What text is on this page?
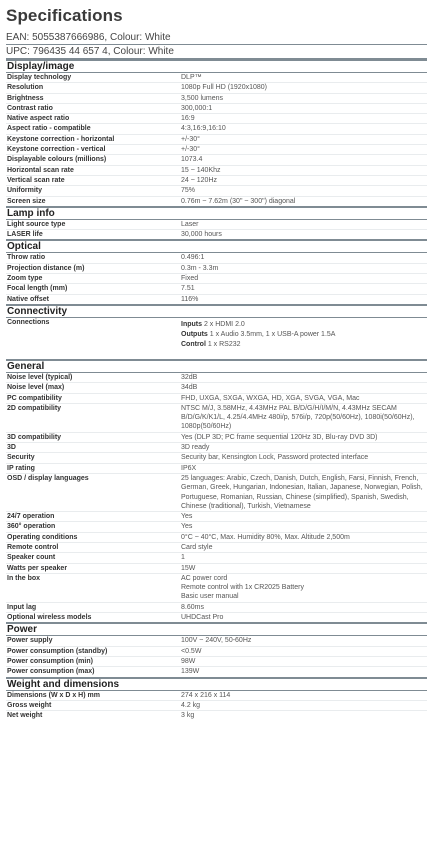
Specifications
EAN: 5055387666986, Colour: White
UPC: 796435 44 657 4, Colour: White
Display/image
Display technology	DLP™
Resolution	1080p Full HD (1920x1080)
Brightness	3,500 lumens
Contrast ratio	300,000:1
Native aspect ratio	16:9
Aspect ratio - compatible	4:3,16:9,16:10
Keystone correction - horizontal	+/-30°
Keystone correction - vertical	+/-30°
Displayable colours (millions)	1073.4
Horizontal scan rate	15 ~ 140Khz
Vertical scan rate	24 ~ 120Hz
Uniformity	75%
Screen size	0.76m ~ 7.62m (30" ~ 300") diagonal
Lamp info
Light source type	Laser
LASER life	30,000 hours
Optical
Throw ratio	0.496:1
Projection distance (m)	0.3m - 3.3m
Zoom type	Fixed
Focal length (mm)	7.51
Native offset	116%
Connectivity
Connections	Inputs 2 x HDMI 2.0
Outputs 1 x Audio 3.5mm, 1 x USB-A power 1.5A
Control 1 x RS232
General
Noise level (typical)	32dB
Noise level (max)	34dB
PC compatibility	FHD, UXGA, SXGA, WXGA, HD, XGA, SVGA, VGA, Mac
2D compatibility	NTSC M/J, 3.58MHz, 4.43MHz PAL B/D/G/H/I/M/N, 4.43MHz SECAM B/D/G/K/K1/L, 4.25/4.4MHz 480i/p, 576i/p, 720p(50/60Hz), 1080i(50/60Hz), 1080p(50/60Hz)
3D compatibility	Yes (DLP 3D; PC frame sequential 120Hz 3D, Blu-ray DVD 3D)
3D	3D ready
Security	Security bar, Kensington Lock, Password protected interface
IP rating	IP6X
OSD / display languages	25 languages: Arabic, Czech, Danish, Dutch, English, Farsi, Finnish, French, German, Greek, Hungarian, Indonesian, Italian, Japanese, Norwegian, Polish, Portuguese, Romanian, Russian, Chinese (simplified), Spanish, Swedish, Chinese (traditional), Turkish, Vietnamese
24/7 operation	Yes
360° operation	Yes
Operating conditions	0°C ~ 40°C, Max. Humidity 80%, Max. Altitude 2,500m
Remote control	Card style
Speaker count	1
Watts per speaker	15W
In the box	AC power cord
Remote control with 1x CR2025 Battery
Basic user manual
Input lag	8.60ms
Optional wireless models	UHDCast Pro
Power
Power supply	100V ~ 240V, 50-60Hz
Power consumption (standby)	<0.5W
Power consumption (min)	98W
Power consumption (max)	139W
Weight and dimensions
Dimensions (W x D x H) mm	274 x 216 x 114
Gross weight	4.2 kg
Net weight	3 kg
